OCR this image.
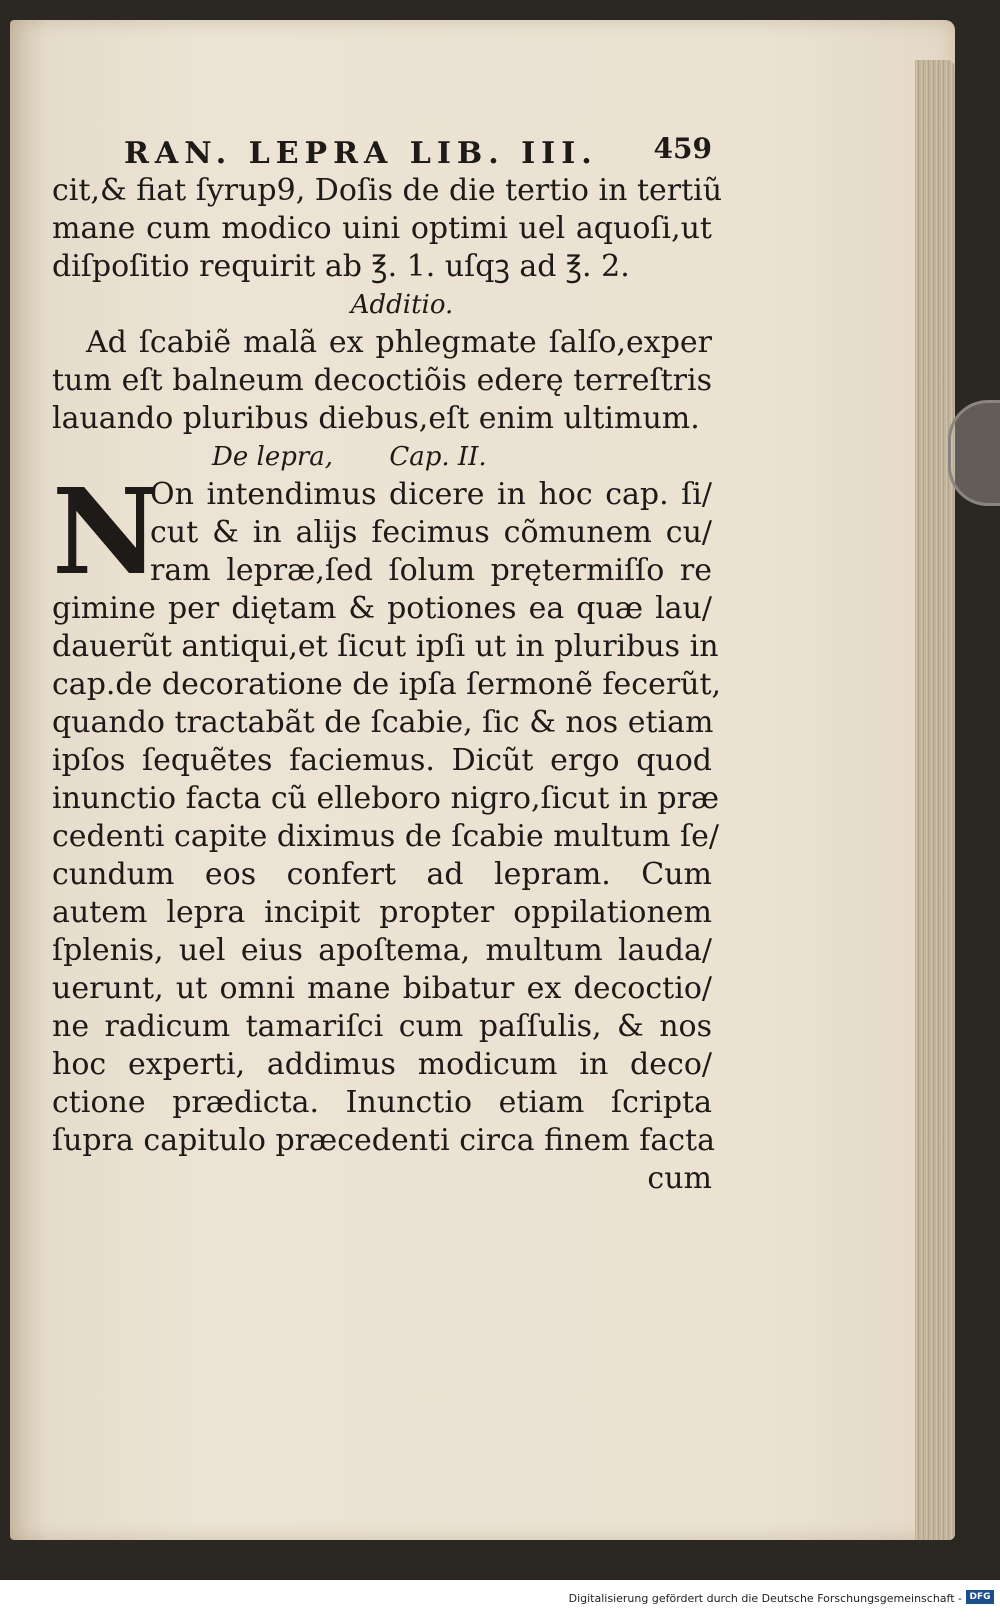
RAN. LEPRA LIB. III. 459
cit,& fiat ſyrup9, Doſis de die tertio in tertiũ
mane cum modico uini optimi uel aquoſi,ut
diſpoſitio requirit ab ℥. 1. uſqꝫ ad ℥. 2.
Additio.
Ad ſcabiẽ malã ex phlegmate ſalſo,exper
tum eſt balneum decoctiõis ederę terreſtris
lauando pluribus diebus,eſt enim ultimum.
De lepra, Cap. II.
N
On intendimus dicere in hoc cap. ſi/
cut & in alijs fecimus cõmunem cu/
ram lepræ,ſed ſolum prętermiſſo re
gimine per diętam & potiones ea quæ lau/
dauerũt antiqui,et ſicut ipſi ut in pluribus in
cap.de decoratione de ipſa ſermonẽ fecerũt,
quando tractabãt de ſcabie, ſic & nos etiam
ipſos ſequẽtes faciemus. Dicũt ergo quod
inunctio facta cũ elleboro nigro,ſicut in præ
cedenti capite diximus de ſcabie multum ſe/
cundum eos confert ad lepram. Cum
autem lepra incipit propter oppilationem
ſplenis, uel eius apoſtema, multum lauda/
uerunt, ut omni mane bibatur ex decoctio/
ne radicum tamariſci cum paſſulis, & nos
hoc experti, addimus modicum in deco/
ctione prædicta. Inunctio etiam ſcripta
ſupra capitulo præcedenti circa finem facta
cum
Digitalisierung gefördert durch die Deutsche Forschungsgemeinschaft - DFG
